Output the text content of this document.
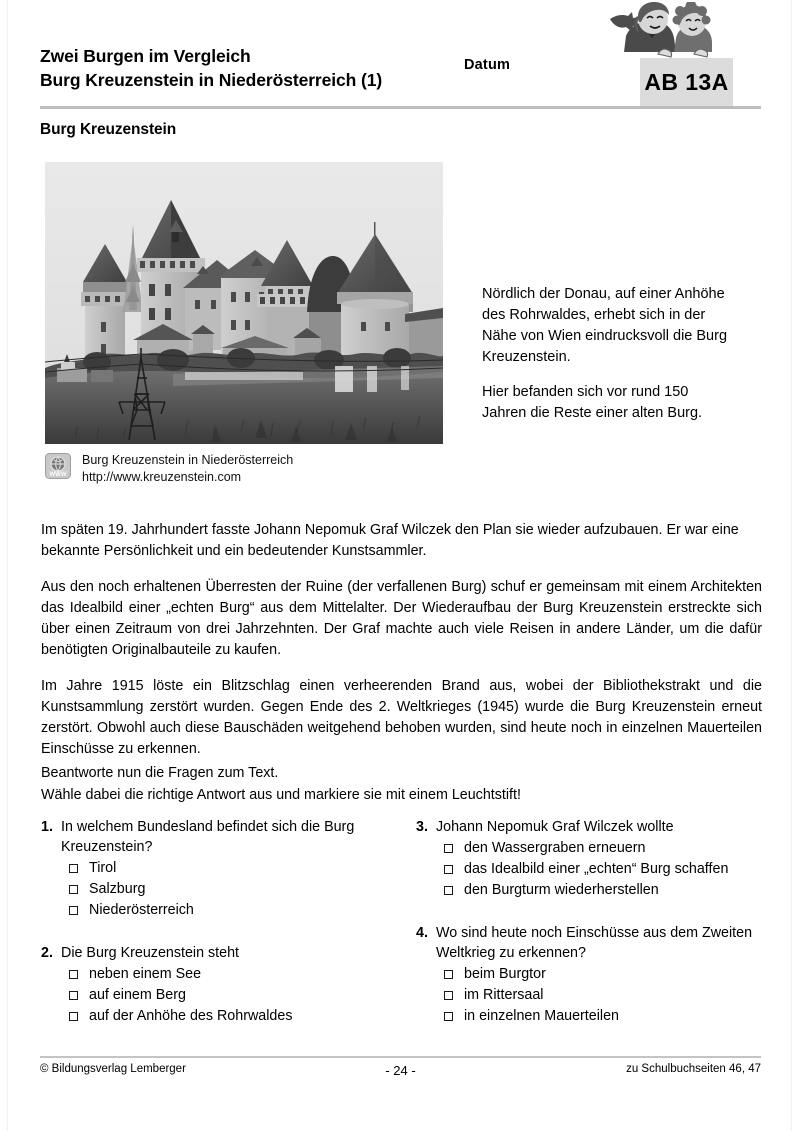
Zwei Burgen im Vergleich
Burg Kreuzenstein in Niederösterreich (1)
Datum
AB 13A
Burg Kreuzenstein
WWW
Burg Kreuzenstein in Niederösterreich
http://www.kreuzenstein.com

Nördlich der Donau, auf einer Anhöhe des Rohrwaldes, erhebt sich in der Nähe von Wien eindrucksvoll die Burg Kreuzenstein.

Hier befanden sich vor rund 150 Jahren die Reste einer alten Burg.

Im späten 19. Jahrhundert fasste Johann Nepomuk Graf Wilczek den Plan sie wieder aufzubauen. Er war eine bekannte Persönlichkeit und ein bedeutender Kunstsammler.

Aus den noch erhaltenen Überresten der Ruine (der verfallenen Burg) schuf er gemeinsam mit einem Architekten das Idealbild einer „echten Burg“ aus dem Mittelalter. Der Wiederaufbau der Burg Kreuzenstein erstreckte sich über einen Zeitraum von drei Jahrzehnten. Der Graf machte auch viele Reisen in andere Länder, um die dafür benötigten Originalbauteile zu kaufen.

Im Jahre 1915 löste ein Blitzschlag einen verheerenden Brand aus, wobei der Bibliothekstrakt und die Kunstsammlung zerstört wurden. Gegen Ende des 2. Weltkrieges (1945) wurde die Burg Kreuzenstein erneut zerstört. Obwohl auch diese Bauschäden weitgehend behoben wurden, sind heute noch in einzelnen Mauerteilen Einschüsse zu erkennen.

Beantworte nun die Fragen zum Text.
Wähle dabei die richtige Antwort aus und markiere sie mit einem Leuchtstift!
1. In welchem Bundesland befindet sich die Burg Kreuzenstein?
Tirol
Salzburg
Niederösterreich
2. Die Burg Kreuzenstein steht
neben einem See
auf einem Berg
auf der Anhöhe des Rohrwaldes
3. Johann Nepomuk Graf Wilczek wollte
den Wassergraben erneuern
das Idealbild einer „echten“ Burg schaffen
den Burgturm wiederherstellen
4. Wo sind heute noch Einschüsse aus dem Zweiten Weltkrieg zu erkennen?
beim Burgtor
im Rittersaal
in einzelnen Mauerteilen
© Bildungsverlag Lemberger	- 24 -	zu Schulbuchseiten 46, 47
